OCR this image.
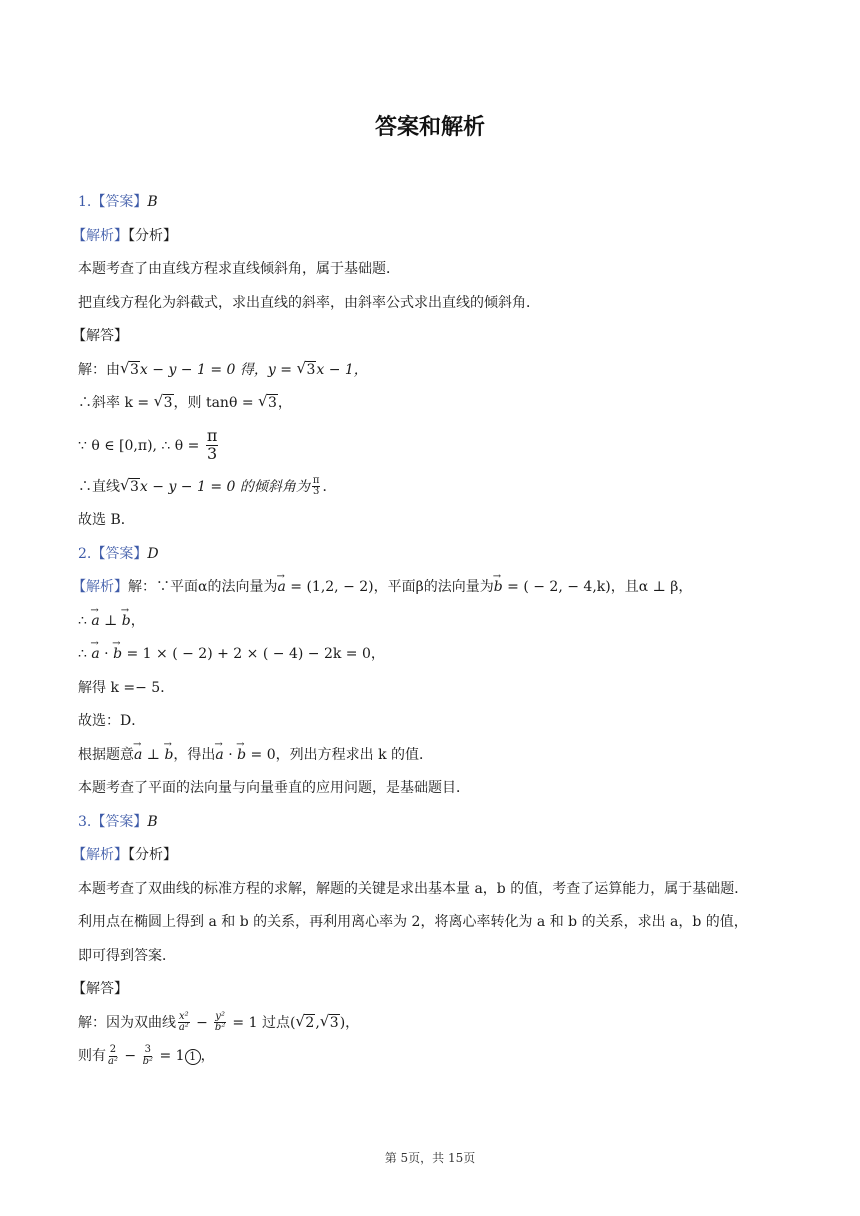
答案和解析
1.【答案】B
【解析】【分析】
本题考查了由直线方程求直线倾斜角，属于基础题．
把直线方程化为斜截式，求出直线的斜率，由斜率公式求出直线的倾斜角．
【解答】
解：由 √ 3x − y − 1 = 0 得，y = √ 3x − 1，
∴斜率 k = √ 3，则 tanθ = √ 3，
∵ θ ∈ [0,π), ∴ $\theta = \frac{\pi}{3}$
∴直线 √ 3x − y − 1 = 0 的倾斜角为 $\frac{\pi}{3}$ ．
故选 B．
2.【答案】D
【解析】解：∵平面α的法向量为→ a = (1,2, − 2)，平面β的法向量为→ b = ( − 2, − 4,k)，且α ⊥ β，
∴ → a ⊥ → b，
∴ → a · → b = 1 × ( − 2) + 2 × ( − 4) − 2k = 0，
解得 k =− 5．
故选：D．
根据题意→ a ⊥ → b，得出→ a · → b = 0，列出方程求出 k 的值．
本题考查了平面的法向量与向量垂直的应用问题，是基础题目．
3.【答案】B
【解析】【分析】
本题考查了双曲线的标准方程的求解，解题的关键是求出基本量 a，b 的值，考查了运算能力，属于基础题．
利用点在椭圆上得到 a 和 b 的关系，再利用离心率为 2，将离心率转化为 a 和 b 的关系，求出 a，b 的值，
即可得到答案．
【解答】
解：因为双曲线 $\frac{\text{x²}}{\text{a²}} - \frac{\text{y²}}{\text{b²}} = 1$ 过点( √ 2, √ 3)，
则有 $\frac{2}{\text{a²}} - \frac{3}{\text{b²}} = 1$ 1 ，
第 5页，共 15页
